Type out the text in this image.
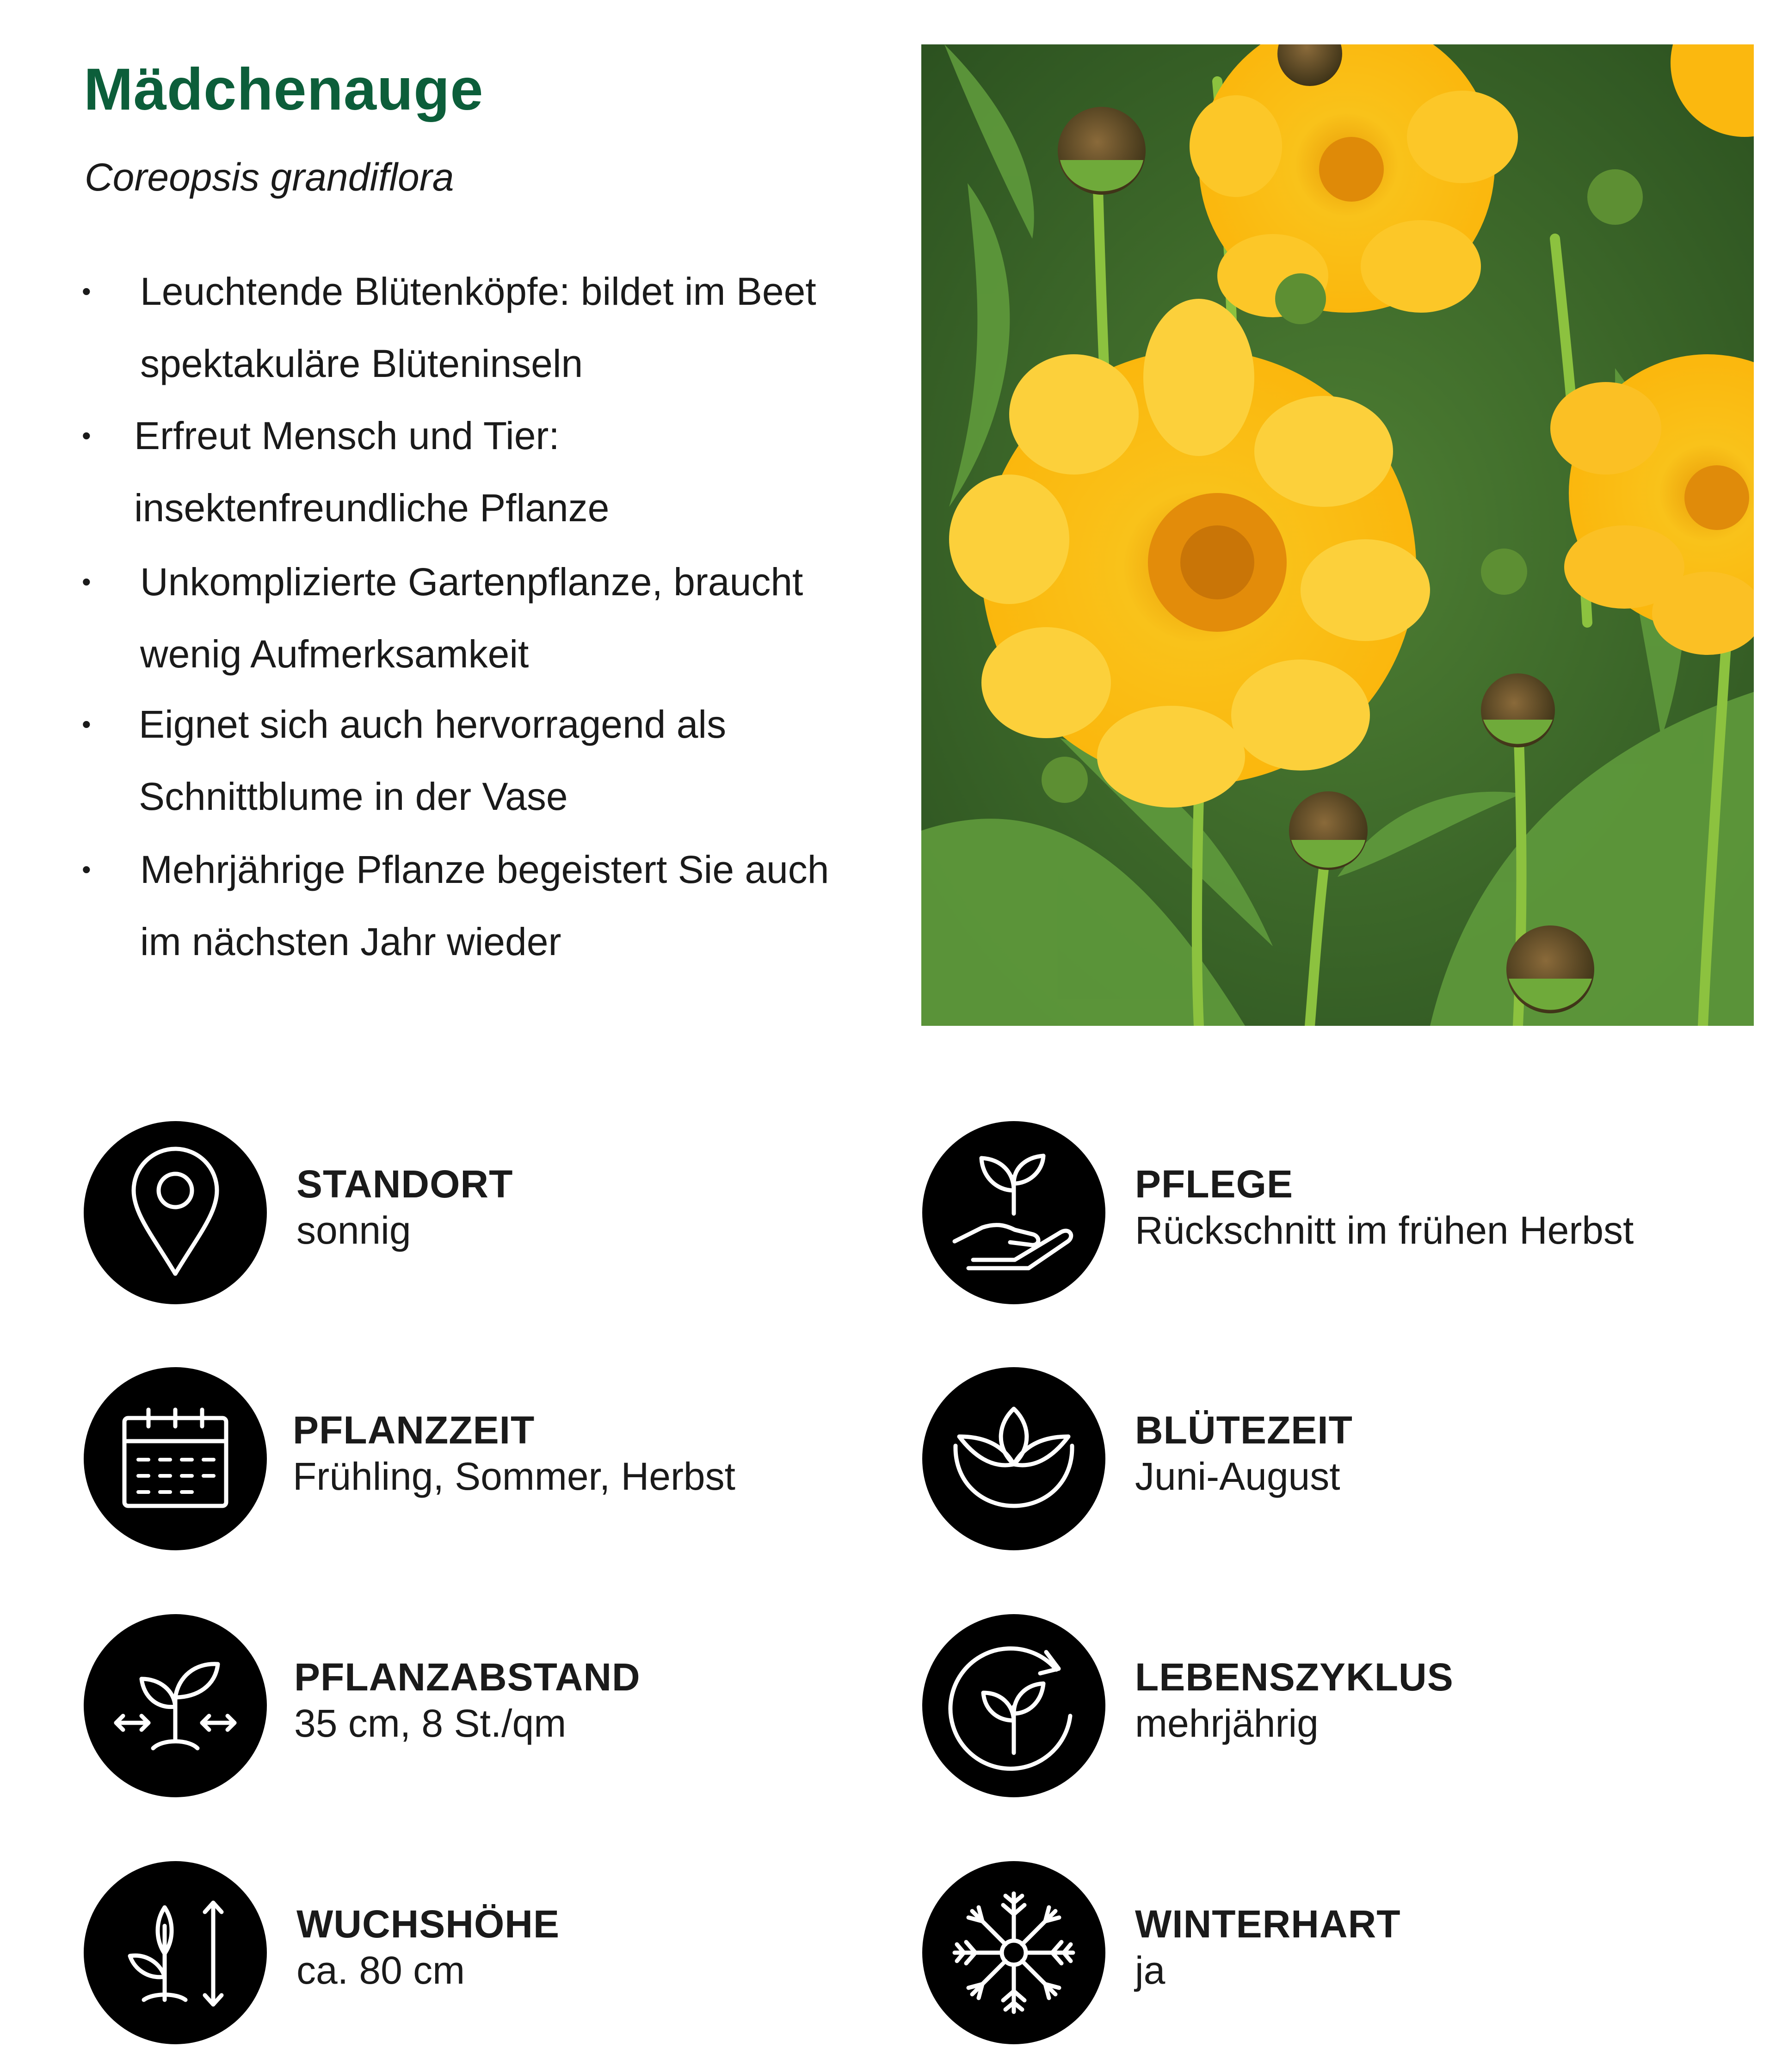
Mädchenauge
Coreopsis grandiflora
• Leuchtende Blütenköpfe: bildet im Beet
spektakuläre Blüteninseln
• Erfreut Mensch und Tier:
insektenfreundliche Pflanze
• Unkomplizierte Gartenpflanze, braucht
wenig Aufmerksamkeit
• Eignet sich auch hervorragend als
Schnittblume in der Vase
• Mehrjährige Pflanze begeistert Sie auch
im nächsten Jahr wieder
STANDORT
sonnig
PFLEGE
Rückschnitt im frühen Herbst
PFLANZZEIT
Frühling, Sommer, Herbst
BLÜTEZEIT
Juni-August
PFLANZABSTAND
35 cm, 8 St./qm
LEBENSZYKLUS
mehrjährig
WUCHSHÖHE
ca. 80 cm
WINTERHART
ja
